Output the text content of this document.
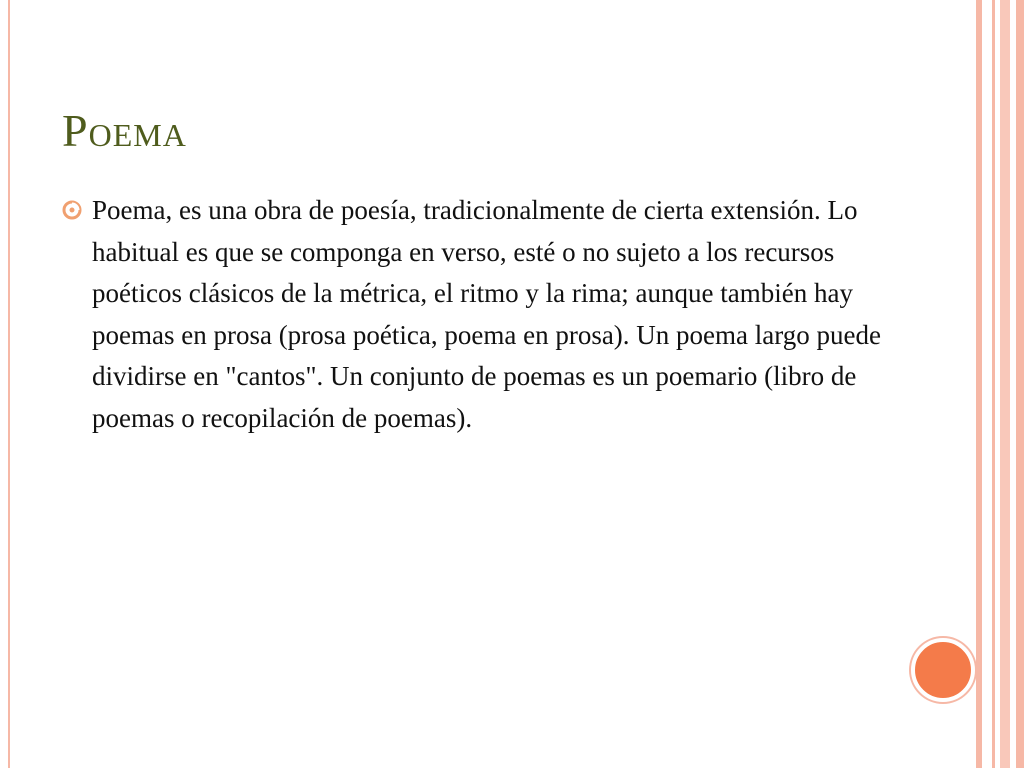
Poema

Poema, es una obra de poesía, tradicionalmente de cierta extensión. Lo habitual es que se componga en verso, esté o no sujeto a los recursos poéticos clásicos de la métrica, el ritmo y la rima; aunque también hay poemas en prosa (prosa poética, poema en prosa). Un poema largo puede dividirse en "cantos". Un conjunto de poemas es un poemario (libro de poemas o recopilación de poemas).
